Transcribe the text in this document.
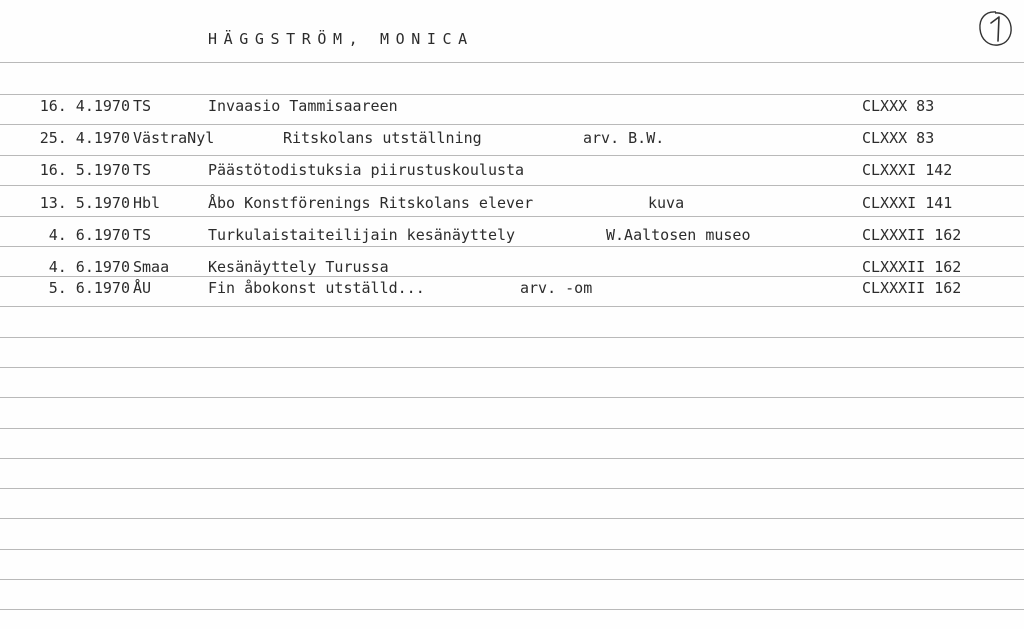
HÄGGSTRÖM, MONICA
16. 4.1970 TS	Invaasio Tammisaareen	CLXXX 83
25. 4.1970 VästraNyl	Ritskolans utställning	arv. B.W.	CLXXX 83
16. 5.1970 TS	Päästötodistuksia piirustuskoulusta	CLXXXI 142
13. 5.1970 Hbl	Åbo Konstförenings Ritskolans elever	kuva	CLXXXI 141
4. 6.1970 TS	Turkulaistaiteilijain kesänäyttely	W.Aaltosen museo	CLXXXII 162
4. 6.1970 Smaa	Kesänäyttely Turussa	CLXXXII 162
5. 6.1970 ÅU	Fin åbokonst utställd...	arv. -om	CLXXXII 162
